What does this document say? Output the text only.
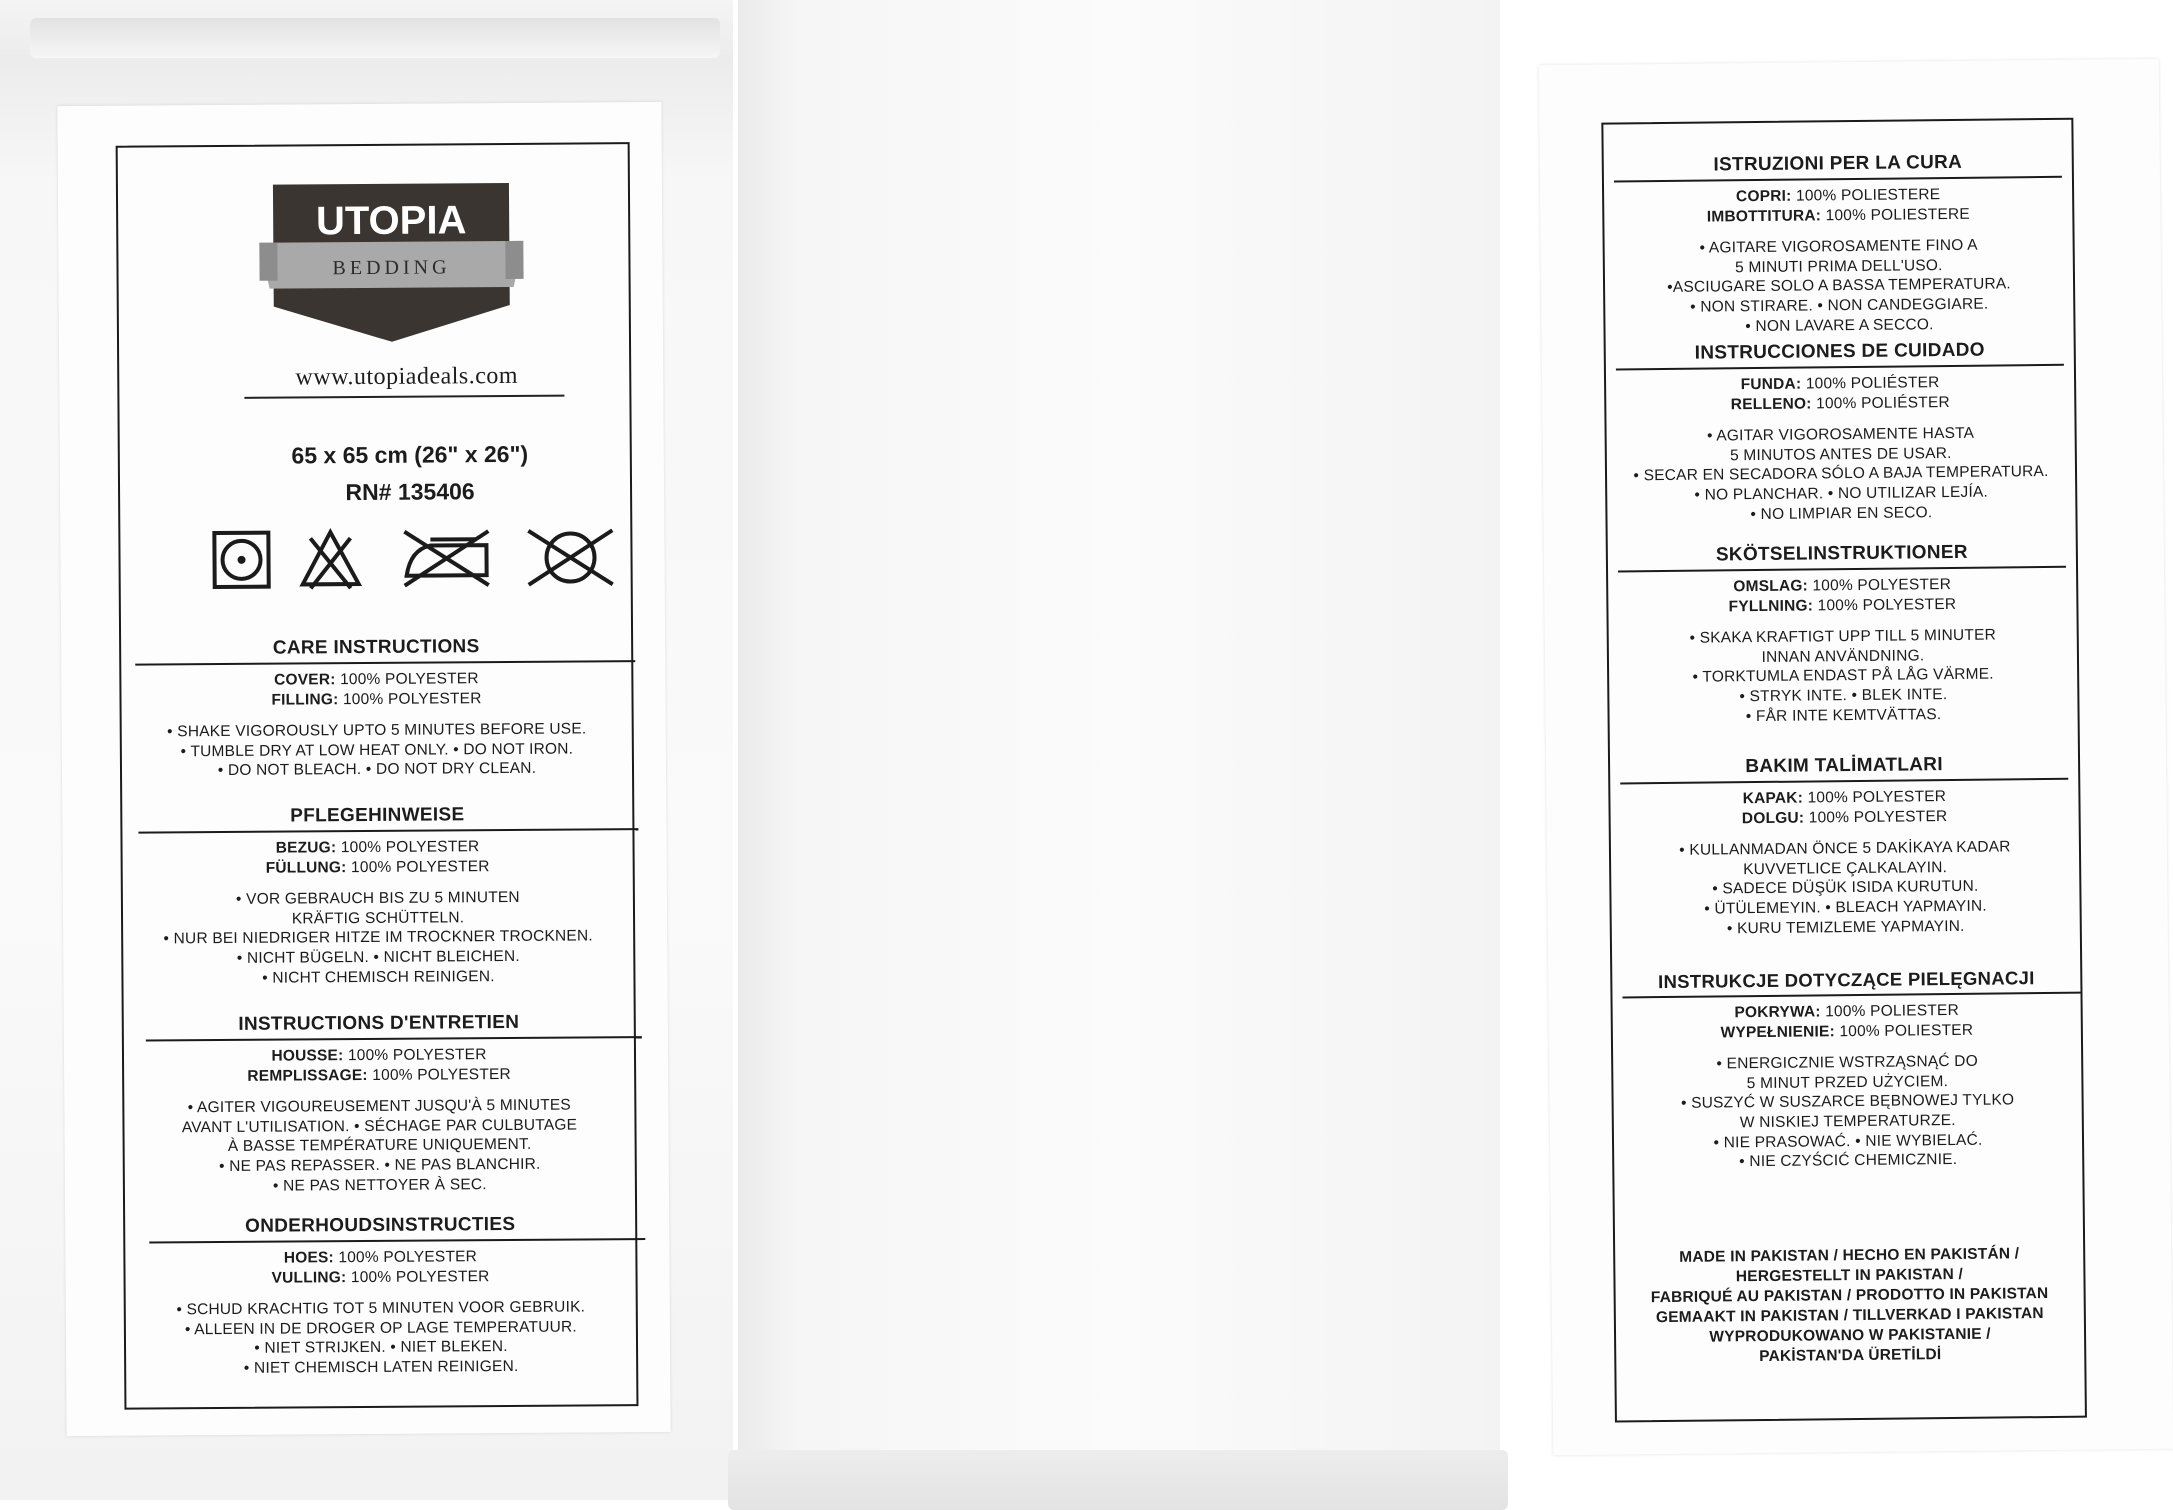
UTOPIA
BEDDING
www.utopiadeals.com
65 x 65 cm (26" x 26")
RN# 135406
CARE INSTRUCTIONS
COVER: 100% POLYESTER
FILLING: 100% POLYESTER
• SHAKE VIGOROUSLY UPTO 5 MINUTES BEFORE USE.
• TUMBLE DRY AT LOW HEAT ONLY. • DO NOT IRON.
• DO NOT BLEACH. • DO NOT DRY CLEAN.
PFLEGEHINWEISE
BEZUG: 100% POLYESTER
FÜLLUNG: 100% POLYESTER
• VOR GEBRAUCH BIS ZU 5 MINUTEN
KRÄFTIG SCHÜTTELN.
• NUR BEI NIEDRIGER HITZE IM TROCKNER TROCKNEN.
• NICHT BÜGELN. • NICHT BLEICHEN.
• NICHT CHEMISCH REINIGEN.
INSTRUCTIONS D'ENTRETIEN
HOUSSE: 100% POLYESTER
REMPLISSAGE: 100% POLYESTER
• AGITER VIGOUREUSEMENT JUSQU'À 5 MINUTES
AVANT L'UTILISATION. • SÉCHAGE PAR CULBUTAGE
À BASSE TEMPÉRATURE UNIQUEMENT.
• NE PAS REPASSER. • NE PAS BLANCHIR.
• NE PAS NETTOYER À SEC.
ONDERHOUDSINSTRUCTIES
HOES: 100% POLYESTER
VULLING: 100% POLYESTER
• SCHUD KRACHTIG TOT 5 MINUTEN VOOR GEBRUIK.
• ALLEEN IN DE DROGER OP LAGE TEMPERATUUR.
• NIET STRIJKEN. • NIET BLEKEN.
• NIET CHEMISCH LATEN REINIGEN.
ISTRUZIONI PER LA CURA
COPRI: 100% POLIESTERE
IMBOTTITURA: 100% POLIESTERE
• AGITARE VIGOROSAMENTE FINO A
5 MINUTI PRIMA DELL'USO.
•ASCIUGARE SOLO A BASSA TEMPERATURA.
• NON STIRARE. • NON CANDEGGIARE.
• NON LAVARE A SECCO.
INSTRUCCIONES DE CUIDADO
FUNDA: 100% POLIÉSTER
RELLENO: 100% POLIÉSTER
• AGITAR VIGOROSAMENTE HASTA
5 MINUTOS ANTES DE USAR.
• SECAR EN SECADORA SÓLO A BAJA TEMPERATURA.
• NO PLANCHAR. • NO UTILIZAR LEJÍA.
• NO LIMPIAR EN SECO.
SKÖTSELINSTRUKTIONER
OMSLAG: 100% POLYESTER
FYLLNING: 100% POLYESTER
• SKAKA KRAFTIGT UPP TILL 5 MINUTER
INNAN ANVÄNDNING.
• TORKTUMLA ENDAST PÅ LÅG VÄRME.
• STRYK INTE. • BLEK INTE.
• FÅR INTE KEMTVÄTTAS.
BAKIM TALİMATLARI
KAPAK: 100% POLYESTER
DOLGU: 100% POLYESTER
• KULLANMADAN ÖNCE 5 DAKİKAYA KADAR
KUVVETLICE ÇALKALAYIN.
• SADECE DÜŞÜK ISIDA KURUTUN.
• ÜTÜLEMEYIN. • BLEACH YAPMAYIN.
• KURU TEMIZLEME YAPMAYIN.
INSTRUKCJE DOTYCZĄCE PIELĘGNACJI
POKRYWA: 100% POLIESTER
WYPEŁNIENIE: 100% POLIESTER
• ENERGICZNIE WSTRZĄSNĄĆ DO
5 MINUT PRZED UŻYCIEM.
• SUSZYĆ W SUSZARCE BĘBNOWEJ TYLKO
W NISKIEJ TEMPERATURZE.
• NIE PRASOWAĆ. • NIE WYBIELAĆ.
• NIE CZYŚCIĆ CHEMICZNIE.
MADE IN PAKISTAN / HECHO EN PAKISTÁN /
HERGESTELLT IN PAKISTAN /
FABRIQUÉ AU PAKISTAN / PRODOTTO IN PAKISTAN
GEMAAKT IN PAKISTAN / TILLVERKAD I PAKISTAN
WYPRODUKOWANO W PAKISTANIE /
PAKİSTAN'DA ÜRETİLDİ
